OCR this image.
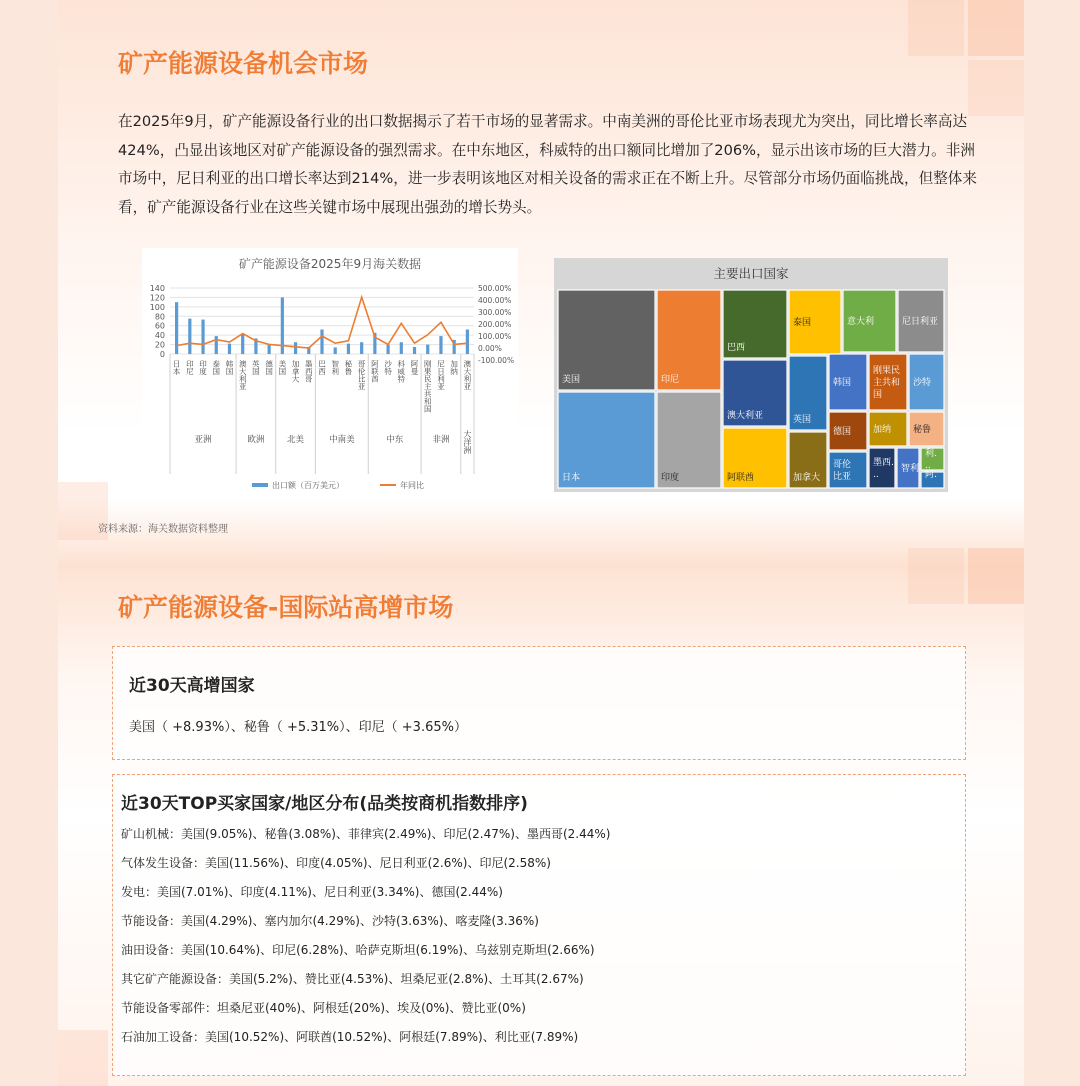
矿产能源设备机会市场
在2025年9月，矿产能源设备行业的出口数据揭示了若干市场的显著需求。中南美洲的哥伦比亚市场表现尤为突出，同比增长率高达424%，凸显出该地区对矿产能源设备的强烈需求。在中东地区，科威特的出口额同比增加了206%，显示出该市场的巨大潜力。非洲市场中，尼日利亚的出口增长率达到214%，进一步表明该地区对相关设备的需求正在不断上升。尽管部分市场仍面临挑战，但整体来看，矿产能源设备行业在这些关键市场中展现出强劲的增长势头。
矿产能源设备2025年9月海关数据
0
20
40
60
80
100
120
140
-100.00%
0.00%
100.00%
200.00%
300.00%
400.00%
500.00%
日本 印尼 印度 泰国 韩国 澳大利亚 英国 德国 美国 加拿大 墨西哥 巴西 智利 秘鲁 哥伦比亚 阿联酋 沙特 科威特 阿曼 刚果民主共和国 尼日利亚 加纳 澳大利亚
亚洲	欧洲	北美	中南美	中东	非洲 大洋洲
出口额（百万美元）	年同比
主要出口国家
美国
日本
印尼
印度
巴西
澳大利亚
阿联酋
泰国
英国
加拿大
意大利	尼日利亚
韩国
刚果民
主共和
国
沙特
德国
哥伦
比亚
加纳 秘鲁
墨西.
..
智利
利.
..
阿.
..
资料来源：海关数据资料整理
矿产能源设备-国际站高增市场
近30天高增国家
美国（ +8.93%）、秘鲁（ +5.31%）、印尼（ +3.65%）
近30天TOP买家国家/地区分布(品类按商机指数排序)
矿山机械：美国(9.05%)、秘鲁(3.08%)、菲律宾(2.49%)、印尼(2.47%)、墨西哥(2.44%)
气体发生设备：美国(11.56%)、印度(4.05%)、尼日利亚(2.6%)、印尼(2.58%)
发电：美国(7.01%)、印度(4.11%)、尼日利亚(3.34%)、德国(2.44%)
节能设备：美国(4.29%)、塞内加尔(4.29%)、沙特(3.63%)、喀麦隆(3.36%)
油田设备：美国(10.64%)、印尼(6.28%)、哈萨克斯坦(6.19%)、乌兹别克斯坦(2.66%)
其它矿产能源设备：美国(5.2%)、赞比亚(4.53%)、坦桑尼亚(2.8%)、土耳其(2.67%)
节能设备零部件：坦桑尼亚(40%)、阿根廷(20%)、埃及(0%)、赞比亚(0%)
石油加工设备：美国(10.52%)、阿联酋(10.52%)、阿根廷(7.89%)、利比亚(7.89%)
